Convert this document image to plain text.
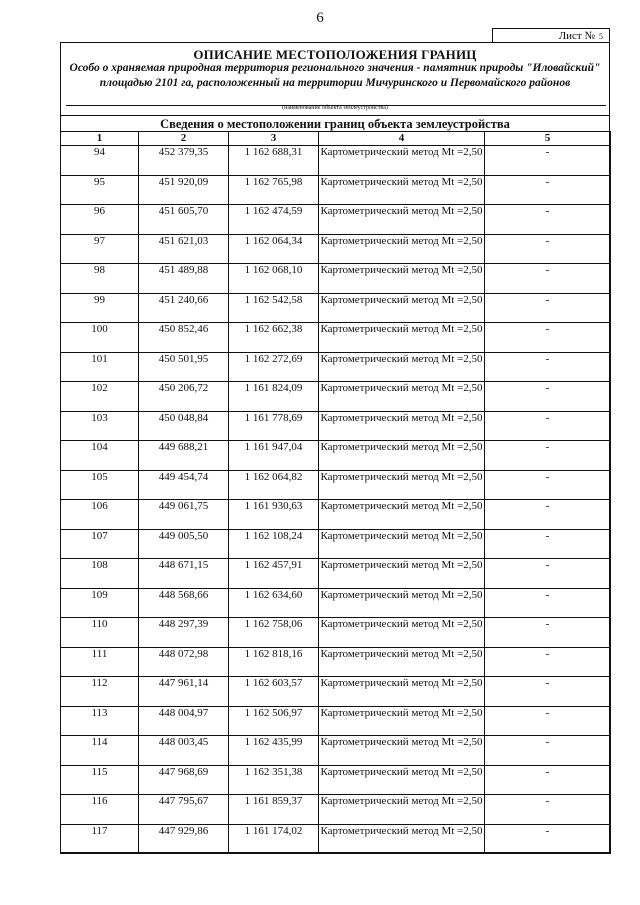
6
Лист № 5
ОПИСАНИЕ МЕСТОПОЛОЖЕНИЯ ГРАНИЦ
Особо о храняемая природная территория регионального значения - памятник природы "Иловайский" площадью 2101 га, расположенный на территории Мичуринского и Первомайского районов
(наименование объекта землеустройства)
Сведения о местоположении границ объекта землеустройства
1	2	3	4	5
94	452 379,35	1 162 688,31	Картометрический метод Mt =2,50	-
95	451 920,09	1 162 765,98	Картометрический метод Mt =2,50	-
96	451 605,70	1 162 474,59	Картометрический метод Mt =2,50	-
97	451 621,03	1 162 064,34	Картометрический метод Mt =2,50	-
98	451 489,88	1 162 068,10	Картометрический метод Mt =2,50	-
99	451 240,66	1 162 542,58	Картометрический метод Mt =2,50	-
100	450 852,46	1 162 662,38	Картометрический метод Mt =2,50	-
101	450 501,95	1 162 272,69	Картометрический метод Mt =2,50	-
102	450 206,72	1 161 824,09	Картометрический метод Mt =2,50	-
103	450 048,84	1 161 778,69	Картометрический метод Mt =2,50	-
104	449 688,21	1 161 947,04	Картометрический метод Mt =2,50	-
105	449 454,74	1 162 064,82	Картометрический метод Mt =2,50	-
106	449 061,75	1 161 930,63	Картометрический метод Mt =2,50	-
107	449 005,50	1 162 108,24	Картометрический метод Mt =2,50	-
108	448 671,15	1 162 457,91	Картометрический метод Mt =2,50	-
109	448 568,66	1 162 634,60	Картометрический метод Mt =2,50	-
110	448 297,39	1 162 758,06	Картометрический метод Mt =2,50	-
111	448 072,98	1 162 818,16	Картометрический метод Mt =2,50	-
112	447 961,14	1 162 603,57	Картометрический метод Mt =2,50	-
113	448 004,97	1 162 506,97	Картометрический метод Mt =2,50	-
114	448 003,45	1 162 435,99	Картометрический метод Mt =2,50	-
115	447 968,69	1 162 351,38	Картометрический метод Mt =2,50	-
116	447 795,67	1 161 859,37	Картометрический метод Mt =2,50	-
117	447 929,86	1 161 174,02	Картометрический метод Mt =2,50	-
